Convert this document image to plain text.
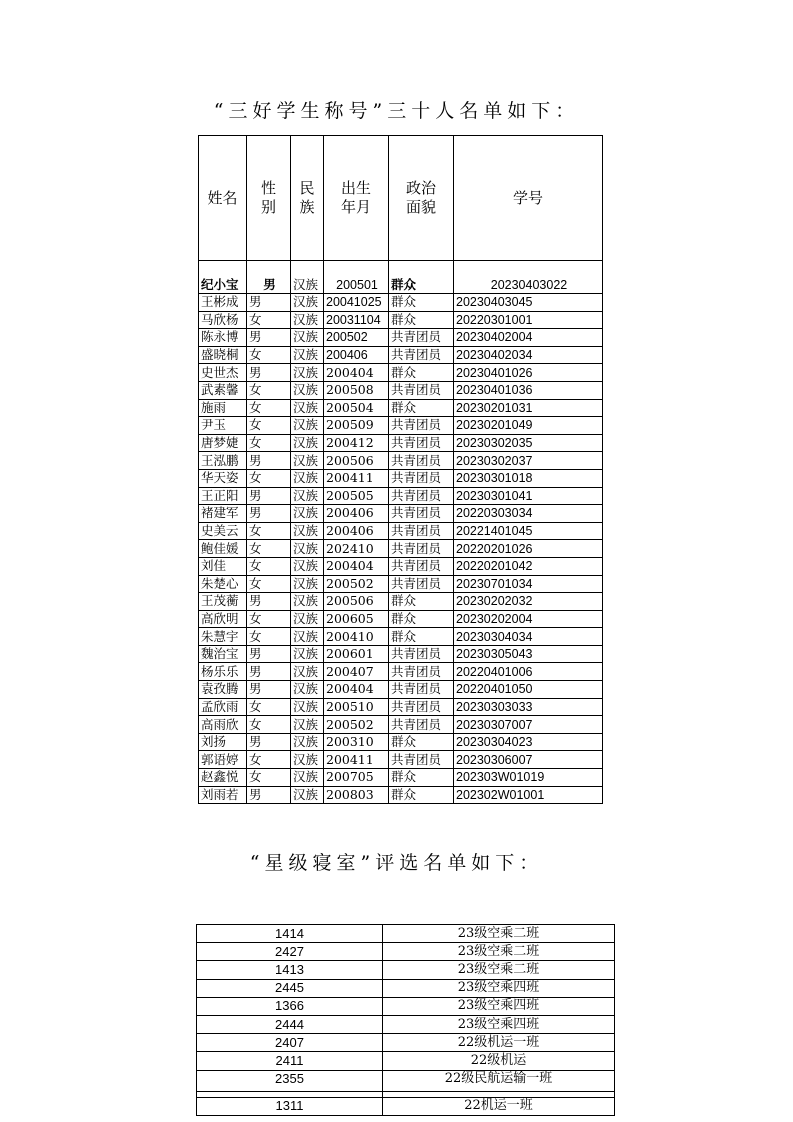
“三好学生称号”三十人名单如下：
姓名	性别	民族	出生年月	政治面貌	学号
纪小宝	男	汉族	200501	群众	20230403022
王彬成	男	汉族	20041025	群众	20230403045
马欣杨	女	汉族	20031104	群众	20220301001
陈永博	男	汉族	200502	共青团员	20230402004
盛晓桐	女	汉族	200406	共青团员	20230402034
史世杰	男	汉族	200404	群众	20230401026
武素馨	女	汉族	200508	共青团员	20230401036
施雨	女	汉族	200504	群众	20230201031
尹玉	女	汉族	200509	共青团员	20230201049
唐梦婕	女	汉族	200412	共青团员	20230302035
王泓鹏	男	汉族	200506	共青团员	20230302037
华天姿	女	汉族	200411	共青团员	20230301018
王正阳	男	汉族	200505	共青团员	20230301041
褚建军	男	汉族	200406	共青团员	20220303034
史美云	女	汉族	200406	共青团员	20221401045
鲍佳媛	女	汉族	202410	共青团员	20220201026
刘佳	女	汉族	200404	共青团员	20220201042
朱楚心	女	汉族	200502	共青团员	20230701034
王茂蘅	男	汉族	200506	群众	20230202032
高欣明	女	汉族	200605	群众	20230202004
朱慧宇	女	汉族	200410	群众	20230304034
魏治宝	男	汉族	200601	共青团员	20230305043
杨乐乐	男	汉族	200407	共青团员	20220401006
袁孜腾	男	汉族	200404	共青团员	20220401050
孟欣雨	女	汉族	200510	共青团员	20230303033
高雨欣	女	汉族	200502	共青团员	20230307007
刘扬	男	汉族	200310	群众	20230304023
郭语婷	女	汉族	200411	共青团员	20230306007
赵鑫悦	女	汉族	200705	群众	202303W01019
刘雨若	男	汉族	200803	群众	202302W01001
“星级寝室”评选名单如下：
1414	23级空乘二班
2427	23级空乘二班
1413	23级空乘二班
2445	23级空乘四班
1366	23级空乘四班
2444	23级空乘四班
2407	22级机运一班
2411	22级机运
2355	22级民航运输一班

1311	22机运一班
